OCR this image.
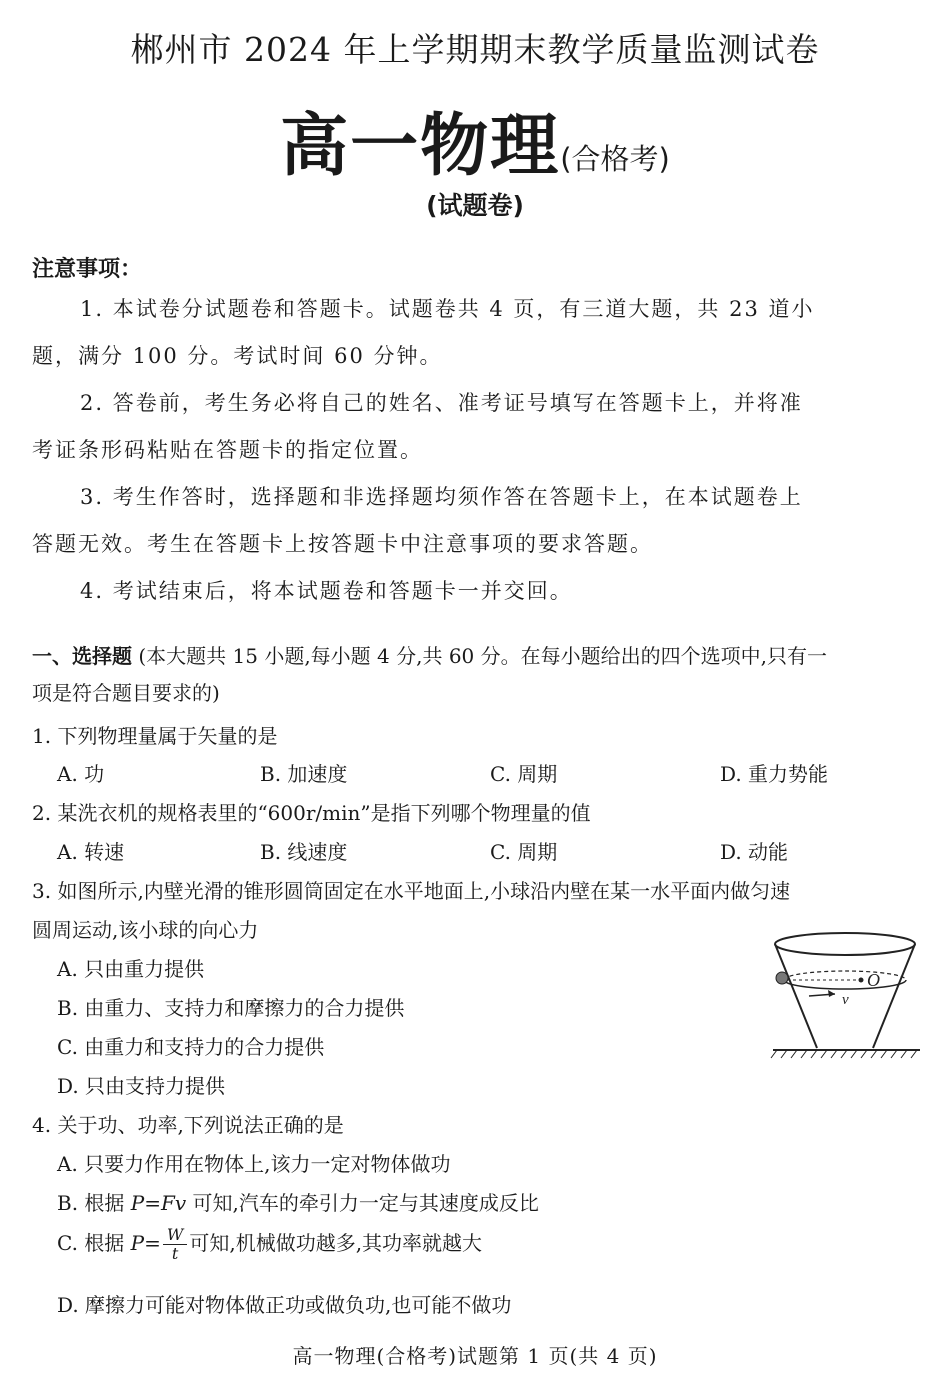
郴州市 2024 年上学期期末教学质量监测试卷
高一物理(合格考)
(试题卷)
注意事项：
1. 本试卷分试题卷和答题卡。试题卷共 4 页，有三道大题，共 23 道小
题，满分 100 分。考试时间 60 分钟。
2. 答卷前，考生务必将自己的姓名、准考证号填写在答题卡上，并将准
考证条形码粘贴在答题卡的指定位置。
3. 考生作答时，选择题和非选择题均须作答在答题卡上，在本试题卷上
答题无效。考生在答题卡上按答题卡中注意事项的要求答题。
4. 考试结束后，将本试题卷和答题卡一并交回。
一、选择题 (本大题共 15 小题,每小题 4 分,共 60 分。在每小题给出的四个选项中,只有一
项是符合题目要求的)
1. 下列物理量属于矢量的是
A. 功	B. 加速度	C. 周期	D. 重力势能
2. 某洗衣机的规格表里的“600r/min”是指下列哪个物理量的值
A. 转速	B. 线速度	C. 周期	D. 动能
3. 如图所示,内壁光滑的锥形圆筒固定在水平地面上,小球沿内壁在某一水平面内做匀速
圆周运动,该小球的向心力
A. 只由重力提供
B. 由重力、支持力和摩擦力的合力提供
C. 由重力和支持力的合力提供
D. 只由支持力提供
O
v
4. 关于功、功率,下列说法正确的是
A. 只要力作用在物体上,该力一定对物体做功
B. 根据 P=Fv 可知,汽车的牵引力一定与其速度成反比
C. 根据 $P= \frac{W}{t}$ 可知,机械做功越多,其功率就越大
D. 摩擦力可能对物体做正功或做负功,也可能不做功
高一物理(合格考)试题第 1 页(共 4 页)
